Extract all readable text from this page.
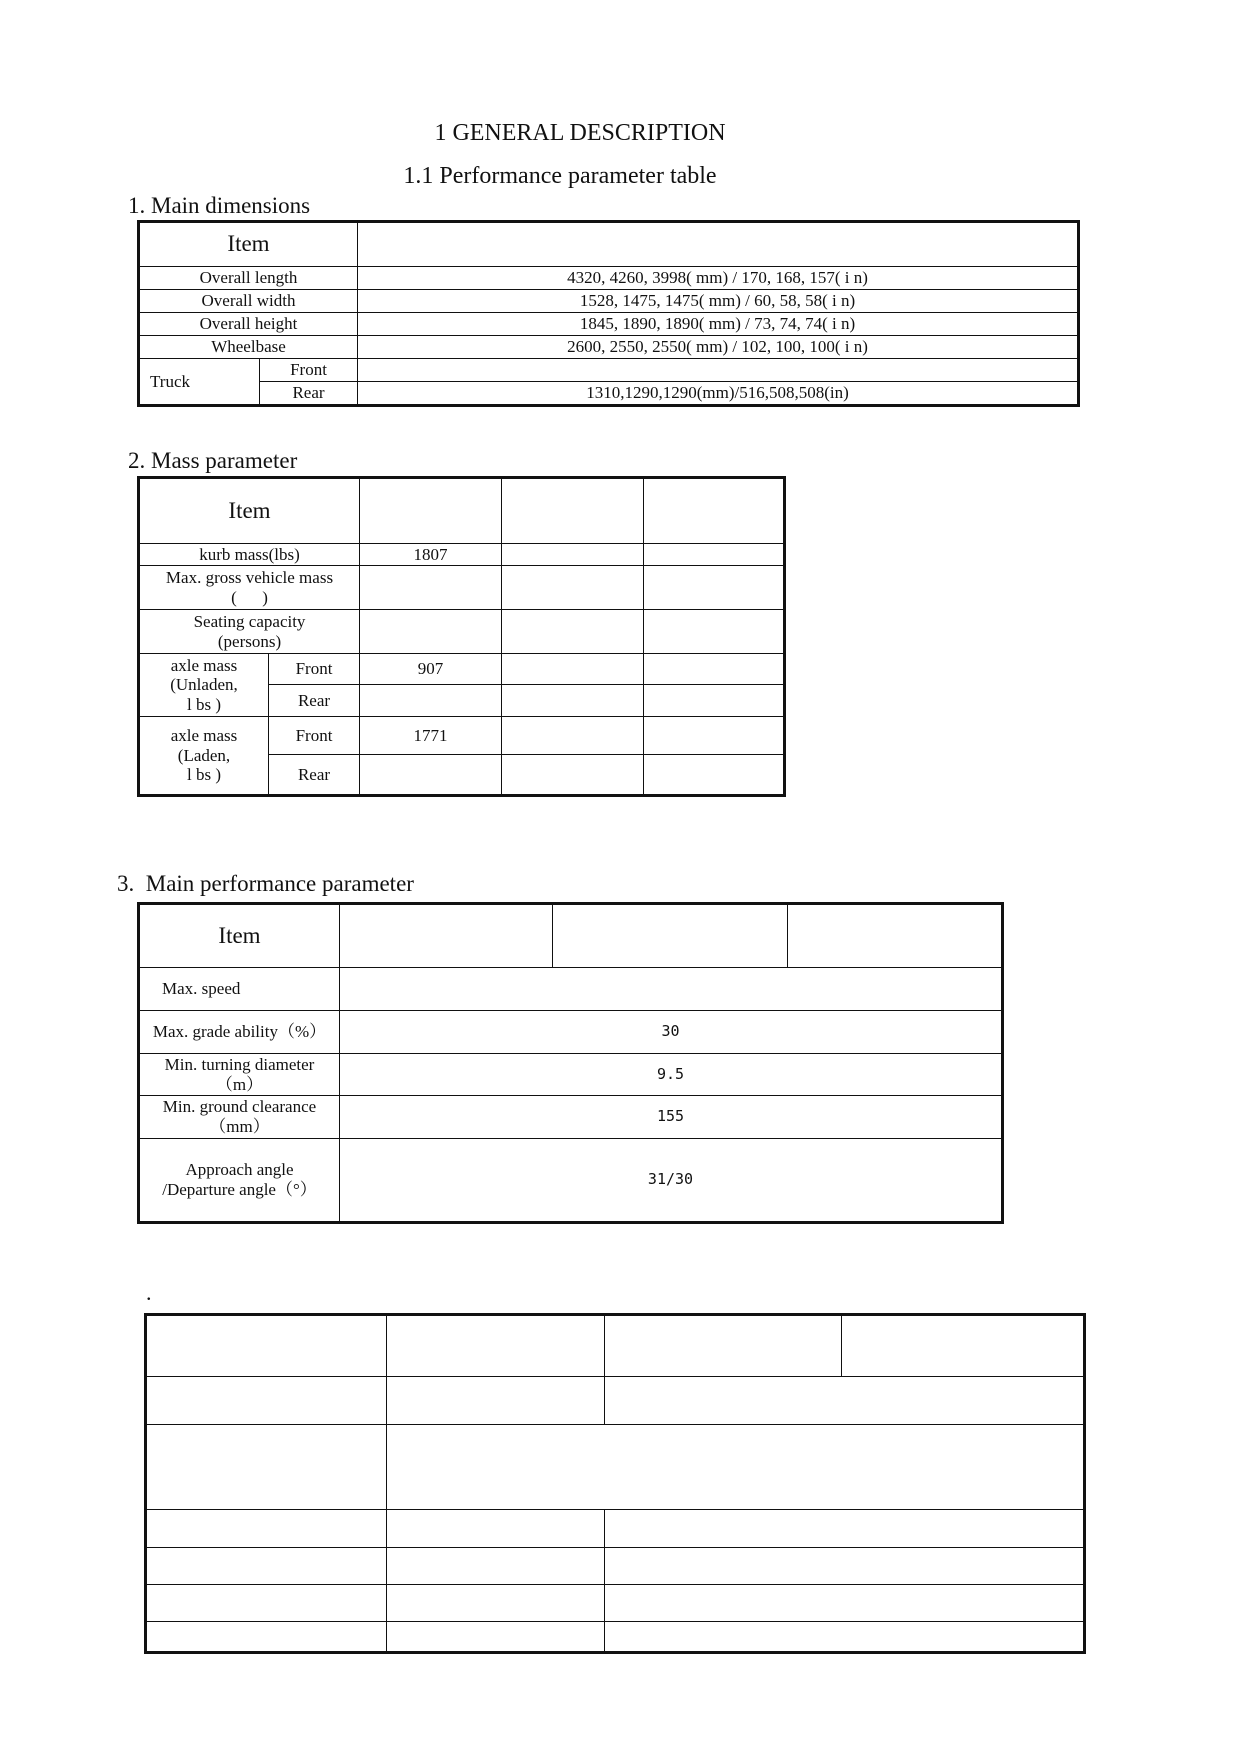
1 GENERAL DESCRIPTION
1.1 Performance parameter table
1. Main dimensions
Item		
Overall length		4320, 4260, 3998( mm) / 170, 168, 157( i n)
Overall width		1528, 1475, 1475( mm) / 60, 58, 58( i n)
Overall height		1845, 1890, 1890( mm) / 73, 74, 74( i n)
Wheelbase		2600, 2550, 2550( mm) / 102, 100, 100( i n)
Truck	Front	
	Rear	1310,1290,1290(mm)/516,508,508(in)
2. Mass parameter
Item				
kurb mass(lbs)		1807		

Max. gross vehicle mass
(      )				

Seating capacity
(persons)				

axle mass
(Unladen,
l bs )	Front	907		
	Rear			

axle mass
(Laden,
l bs )	Front	1771		
	Rear			
3. Main performance parameter
Item			
Max. speed			
Max. grade ability（%）	30		

Min. turning diameter
（m）	9.5		

Min. ground clearance
（mm）	155		

Approach angle
/Departure angle（°）	31/30		
.
